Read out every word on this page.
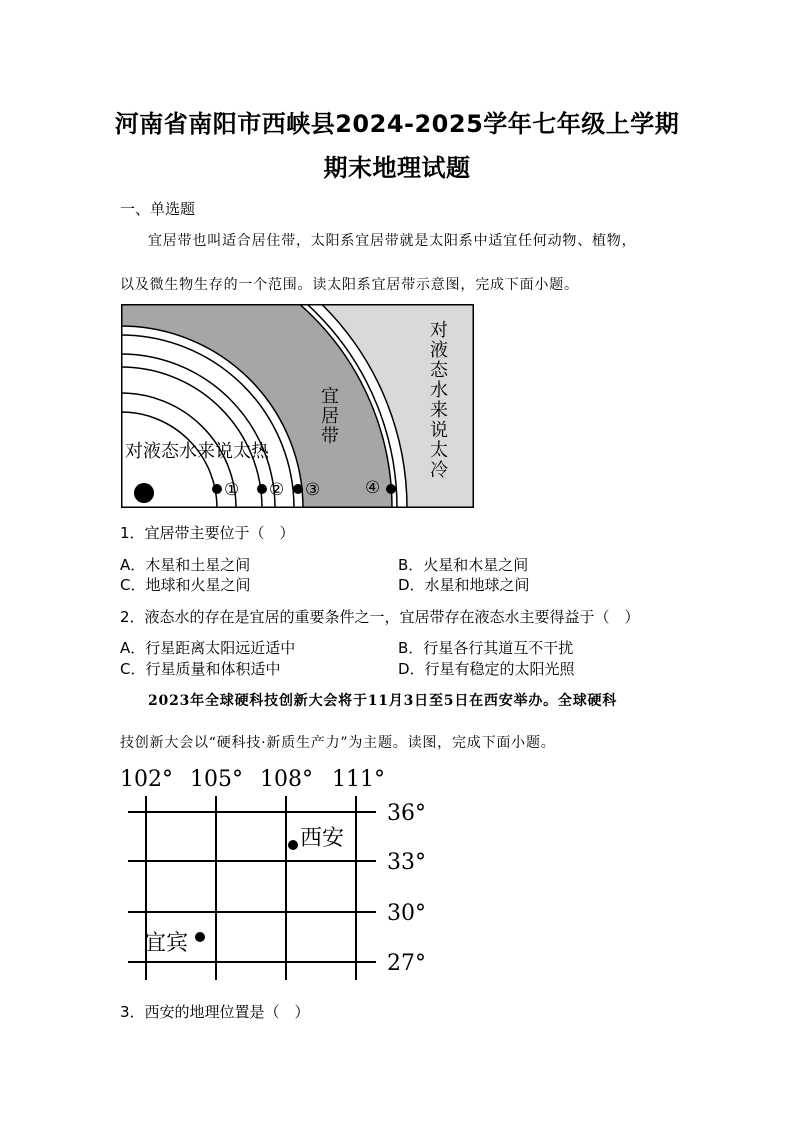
河南省南阳市西峡县2024-2025学年七年级上学期
期末地理试题
一、单选题
宜居带也叫适合居住带，太阳系宜居带就是太阳系中适宜任何动物、植物，
以及微生物生存的一个范围。读太阳系宜居带示意图，完成下面小题。
对液态水来说太热
宜
居
带
对
液
态
水
来
说
太
冷
① ② ③	④
1．宜居带主要位于（　）
A．木星和土星之间	B．火星和木星之间
C．地球和火星之间	D．水星和地球之间
2．液态水的存在是宜居的重要条件之一，宜居带存在液态水主要得益于（　）
A．行星距离太阳远近适中	B．行星各行其道互不干扰
C．行星质量和体积适中	D．行星有稳定的太阳光照
2023年全球硬科技创新大会将于11月3日至5日在西安举办。全球硬科
技创新大会以“硬科技·新质生产力”为主题。读图，完成下面小题。
102° 105° 108° 111°
36°
33°
30°
27°
西安
宜宾
3．西安的地理位置是（　）
